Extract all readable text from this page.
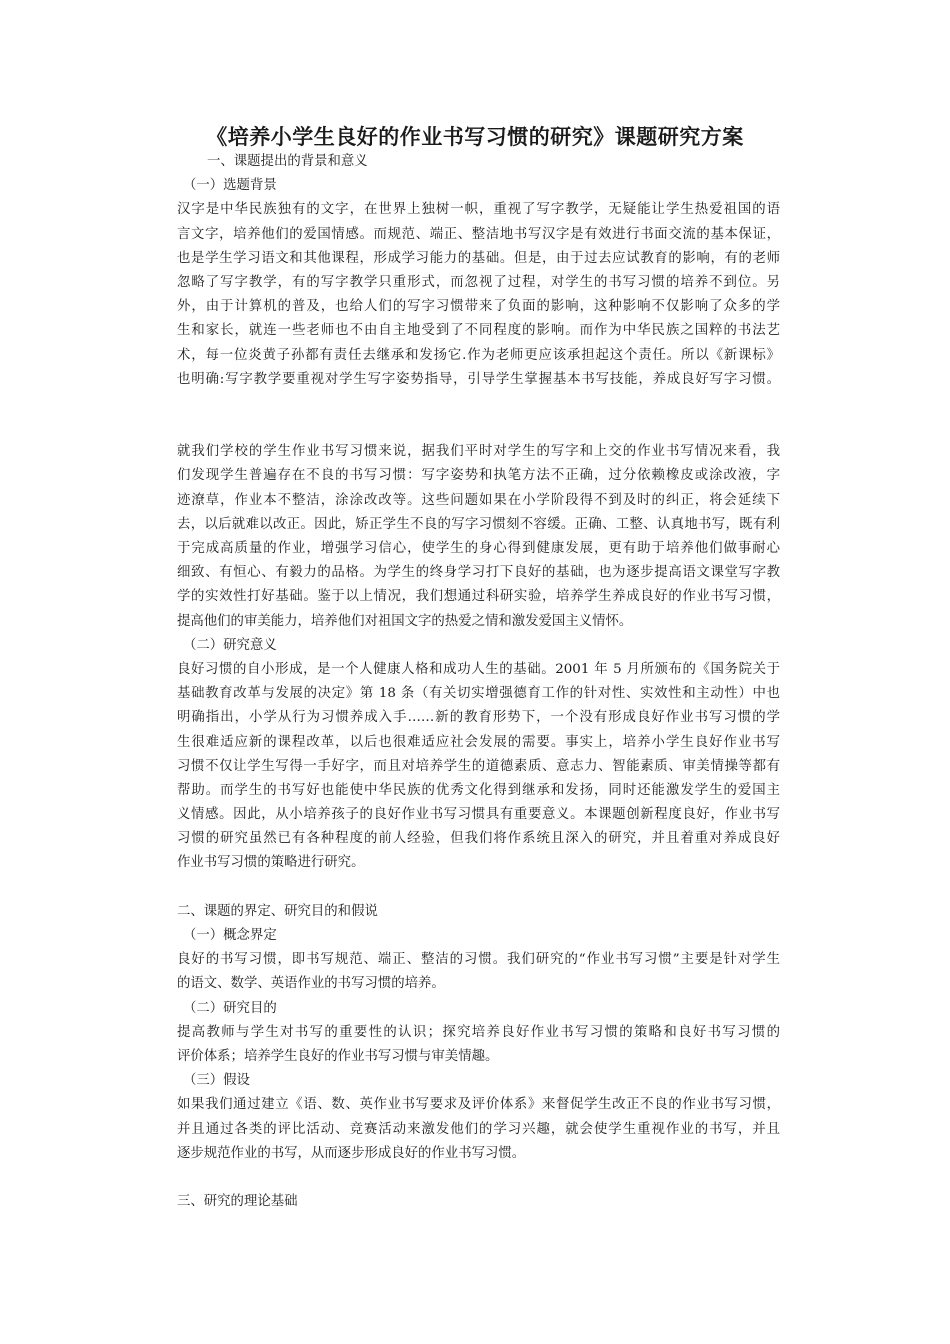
《培养小学生良好的作业书写习惯的研究》课题研究方案
一、课题提出的背景和意义
（一）选题背景
汉字是中华民族独有的文字，在世界上独树一帜，重视了写字教学，无疑能让学生热爱祖国的语
言文字，培养他们的爱国情感。而规范、端正、整洁地书写汉字是有效进行书面交流的基本保证，
也是学生学习语文和其他课程，形成学习能力的基础。但是，由于过去应试教育的影响，有的老师
忽略了写字教学，有的写字教学只重形式，而忽视了过程，对学生的书写习惯的培养不到位。另
外，由于计算机的普及，也给人们的写字习惯带来了负面的影响，这种影响不仅影响了众多的学
生和家长，就连一些老师也不由自主地受到了不同程度的影响。而作为中华民族之国粹的书法艺
术，每一位炎黄子孙都有责任去继承和发扬它.作为老师更应该承担起这个责任。所以《新课标》
也明确:写字教学要重视对学生写字姿势指导，引导学生掌握基本书写技能，养成良好写字习惯。
就我们学校的学生作业书写习惯来说，据我们平时对学生的写字和上交的作业书写情况来看，我
们发现学生普遍存在不良的书写习惯：写字姿势和执笔方法不正确，过分依赖橡皮或涂改液，字
迹潦草，作业本不整洁，涂涂改改等。这些问题如果在小学阶段得不到及时的纠正，将会延续下
去，以后就难以改正。因此，矫正学生不良的写字习惯刻不容缓。正确、工整、认真地书写，既有利
于完成高质量的作业，增强学习信心，使学生的身心得到健康发展，更有助于培养他们做事耐心
细致、有恒心、有毅力的品格。为学生的终身学习打下良好的基础，也为逐步提高语文课堂写字教
学的实效性打好基础。鉴于以上情况，我们想通过科研实验，培养学生养成良好的作业书写习惯，
提高他们的审美能力，培养他们对祖国文字的热爱之情和激发爱国主义情怀。
（二）研究意义
良好习惯的自小形成，是一个人健康人格和成功人生的基础。2001 年 5 月所颁布的《国务院关于
基础教育改革与发展的决定》第 18 条（有关切实增强德育工作的针对性、实效性和主动性）中也
明确指出，小学从行为习惯养成入手……新的教育形势下，一个没有形成良好作业书写习惯的学
生很难适应新的课程改革，以后也很难适应社会发展的需要。事实上，培养小学生良好作业书写
习惯不仅让学生写得一手好字，而且对培养学生的道德素质、意志力、智能素质、审美情操等都有
帮助。而学生的书写好也能使中华民族的优秀文化得到继承和发扬，同时还能激发学生的爱国主
义情感。因此，从小培养孩子的良好作业书写习惯具有重要意义。本课题创新程度良好，作业书写
习惯的研究虽然已有各种程度的前人经验，但我们将作系统且深入的研究，并且着重对养成良好
作业书写习惯的策略进行研究。
二、课题的界定、研究目的和假说
（一）概念界定
良好的书写习惯，即书写规范、端正、整洁的习惯。我们研究的“作业书写习惯”主要是针对学生
的语文、数学、英语作业的书写习惯的培养。
（二）研究目的
提高教师与学生对书写的重要性的认识；探究培养良好作业书写习惯的策略和良好书写习惯的
评价体系；培养学生良好的作业书写习惯与审美情趣。
（三）假设
如果我们通过建立《语、数、英作业书写要求及评价体系》来督促学生改正不良的作业书写习惯，
并且通过各类的评比活动、竞赛活动来激发他们的学习兴趣，就会使学生重视作业的书写，并且
逐步规范作业的书写，从而逐步形成良好的作业书写习惯。
三、研究的理论基础
